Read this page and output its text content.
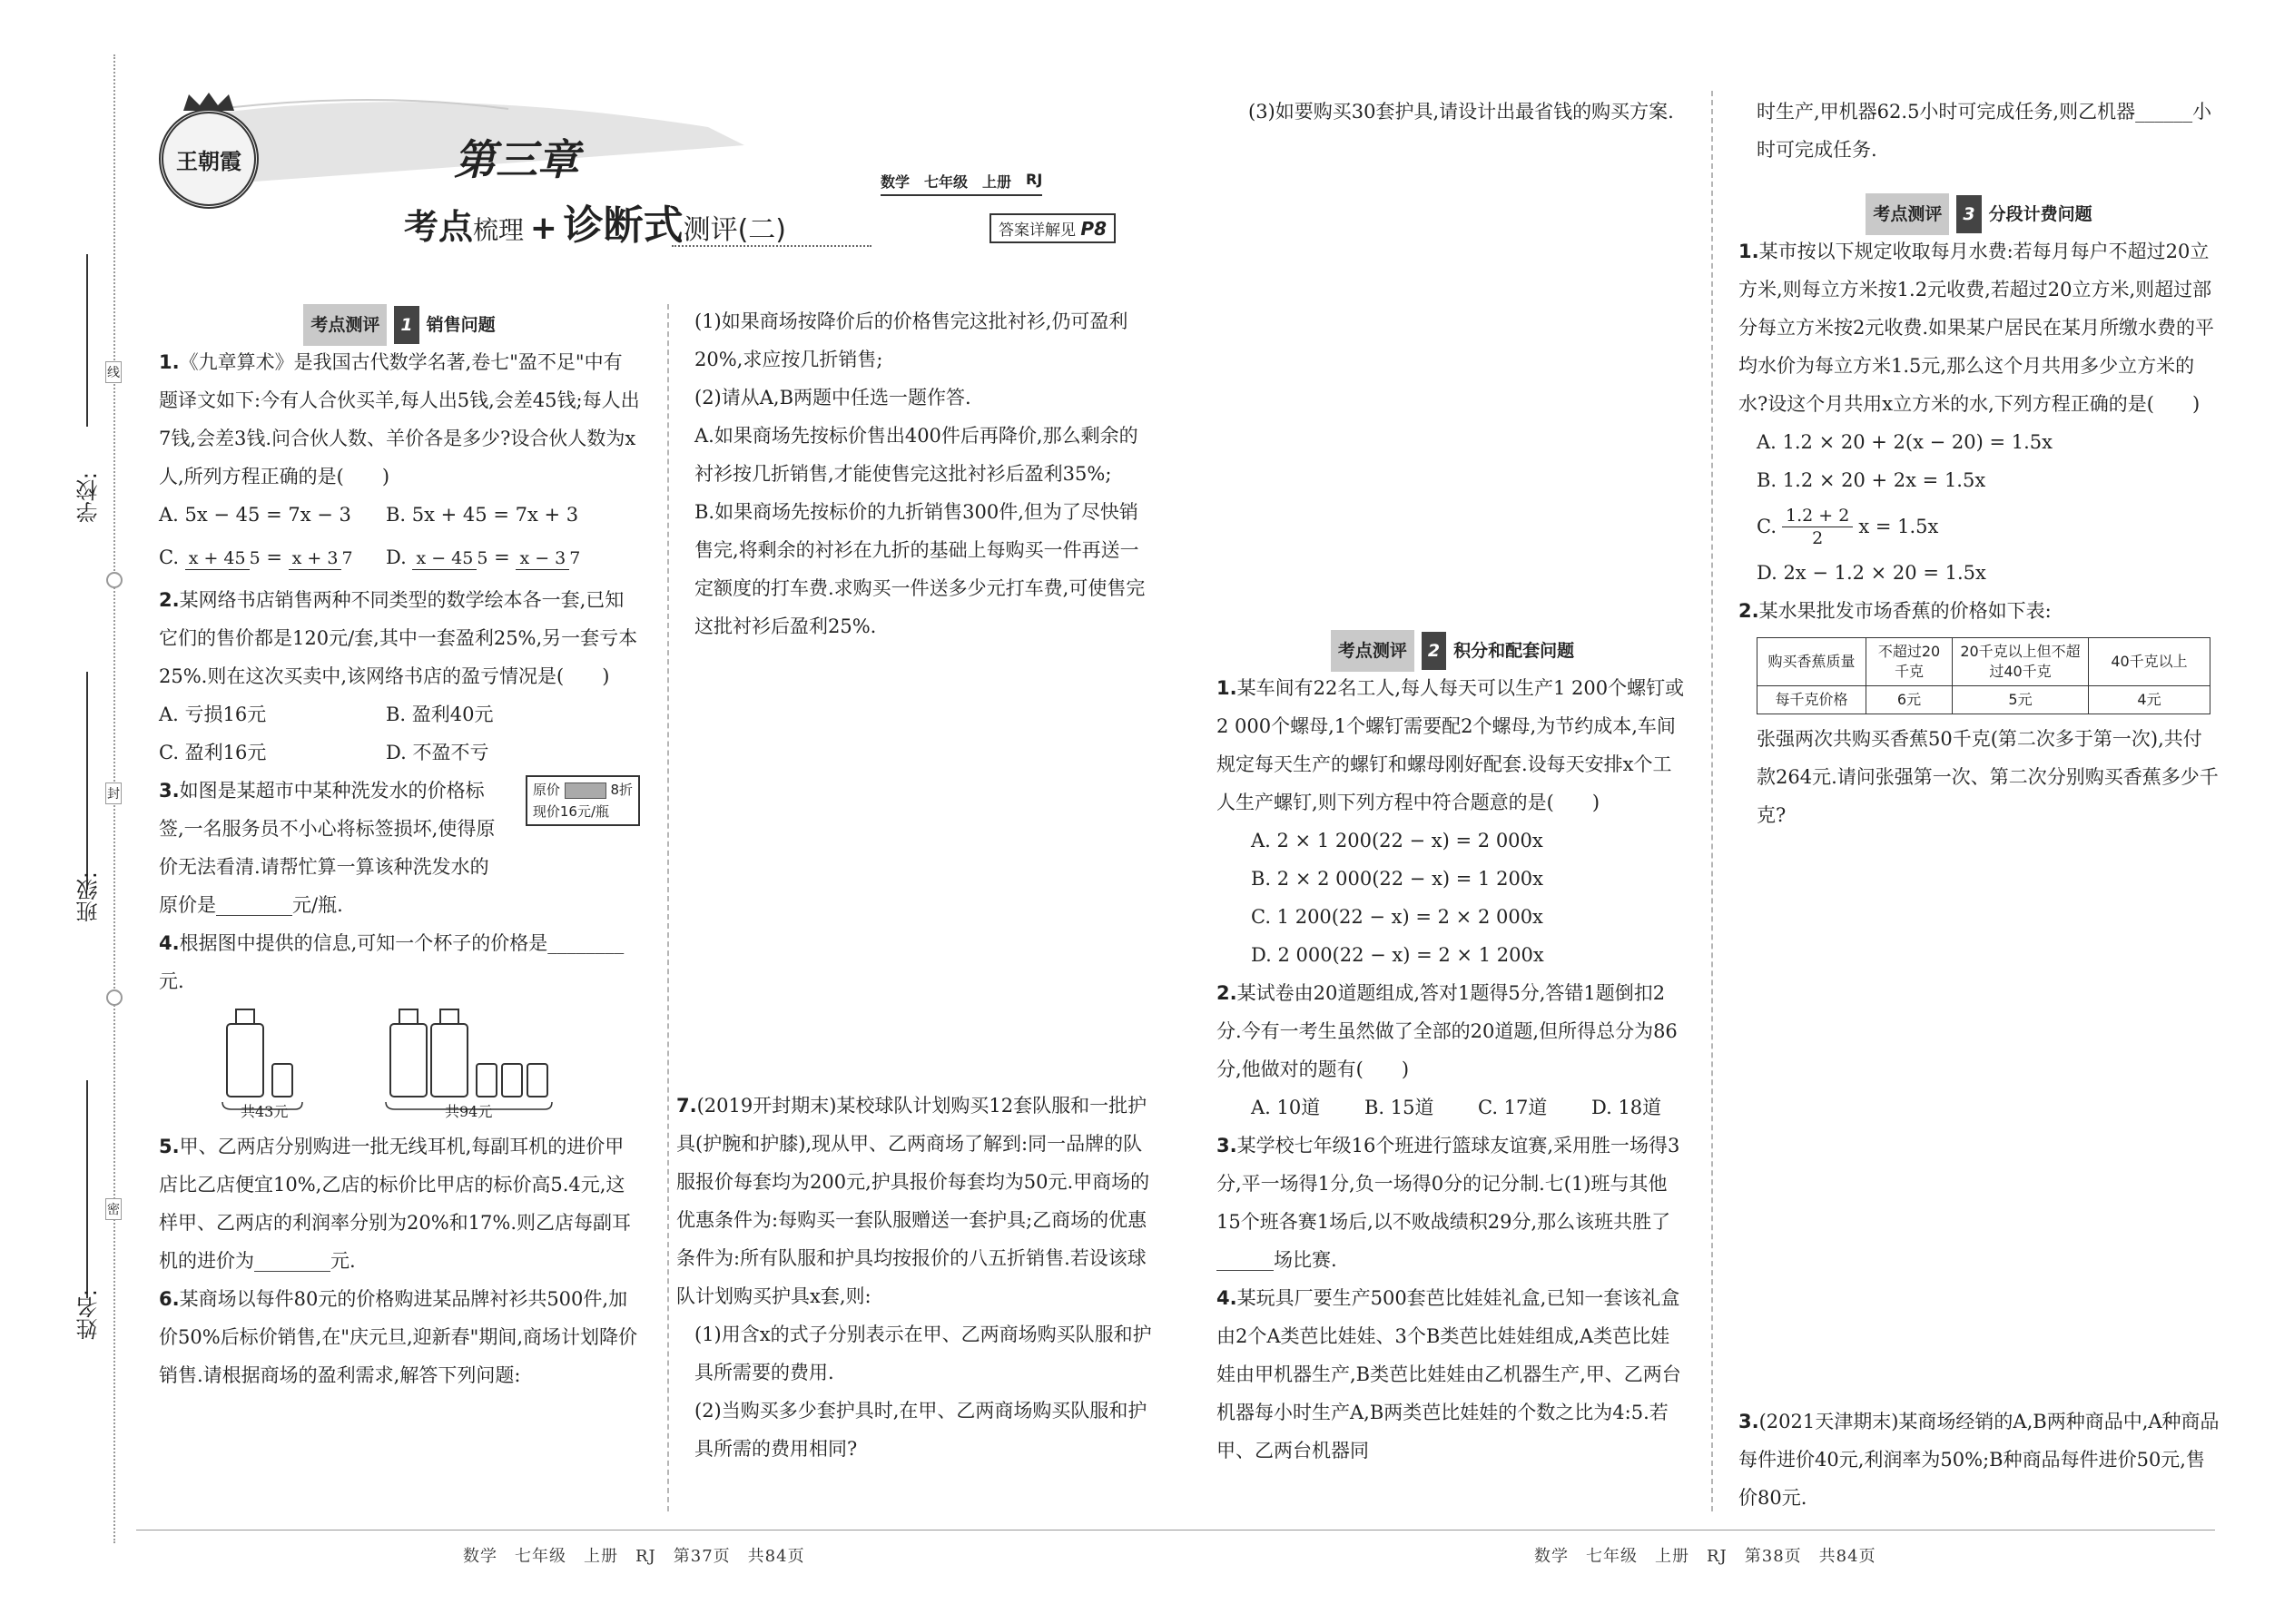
学校:
班级:
姓名:
线
封
密
王朝霞	第三章
考点梳理 + 诊断式测评(二)
数学 七年级 上册 RJ
答案详解见 P8
考点测评	1 销售问题
1.《九章算术》是我国古代数学名著,卷七"盈不足"中有题译文如下:今有人合伙买羊,每人出5钱,会差45钱;每人出7钱,会差3钱.问合伙人数、羊价各是多少?设合伙人数为x人,所列方程正确的是(　　)
A. 5x − 45 = 7x − 3	B. 5x + 45 = 7x + 3
C. x + 45 5 = x + 3 7	D. x − 45 5 = x − 3 7
2.某网络书店销售两种不同类型的数学绘本各一套,已知它们的售价都是120元/套,其中一套盈利25%,另一套亏本25%.则在这次买卖中,该网络书店的盈亏情况是(　　)
A. 亏损16元	B. 盈利40元
C. 盈利16元	D. 不盈不亏
原价	8折
现价16元/瓶
3.如图是某超市中某种洗发水的价格标签,一名服务员不小心将标签损坏,使得原价无法看清.请帮忙算一算该种洗发水的原价是________元/瓶.
4.根据图中提供的信息,可知一个杯子的价格是________元.
共43元	共94元
5.甲、乙两店分别购进一批无线耳机,每副耳机的进价甲店比乙店便宜10%,乙店的标价比甲店的标价高5.4元,这样甲、乙两店的利润率分别为20%和17%.则乙店每副耳机的进价为________元.
6.某商场以每件80元的价格购进某品牌衬衫共500件,加价50%后标价销售,在"庆元旦,迎新春"期间,商场计划降价销售.请根据商场的盈利需求,解答下列问题:

(1)如果商场按降价后的价格售完这批衬衫,仍可盈利20%,求应按几折销售;

(2)请从A,B两题中任选一题作答.

A.如果商场先按标价售出400件后再降价,那么剩余的衬衫按几折销售,才能使售完这批衬衫后盈利35%;

B.如果商场先按标价的九折销售300件,但为了尽快销售完,将剩余的衬衫在九折的基础上每购买一件再送一定额度的打车费.求购买一件送多少元打车费,可使售完这批衬衫后盈利25%.

7.(2019开封期末)某校球队计划购买12套队服和一批护具(护腕和护膝),现从甲、乙两商场了解到:同一品牌的队服报价每套均为200元,护具报价每套均为50元.甲商场的优惠条件为:每购买一套队服赠送一套护具;乙商场的优惠条件为:所有队服和护具均按报价的八五折销售.若设该球队计划购买护具x套,则:

(1)用含x的式子分别表示在甲、乙两商场购买队服和护具所需要的费用.

(2)当购买多少套护具时,在甲、乙两商场购买队服和护具所需的费用相同?

(3)如要购买30套护具,请设计出最省钱的购买方案.

考点测评	2 积分和配套问题
1.某车间有22名工人,每人每天可以生产1 200个螺钉或2 000个螺母,1个螺钉需要配2个螺母,为节约成本,车间规定每天生产的螺钉和螺母刚好配套.设每天安排x个工人生产螺钉,则下列方程中符合题意的是(　　)

A. 2 × 1 200(22 − x) = 2 000x

B. 2 × 2 000(22 − x) = 1 200x

C. 1 200(22 − x) = 2 × 2 000x

D. 2 000(22 − x) = 2 × 1 200x

2.某试卷由20道题组成,答对1题得5分,答错1题倒扣2分.今有一考生虽然做了全部的20道题,但所得总分为86分,他做对的题有(　　)
A. 10道	B. 15道	C. 17道	D. 18道
3.某学校七年级16个班进行篮球友谊赛,采用胜一场得3分,平一场得1分,负一场得0分的记分制.七(1)班与其他15个班各赛1场后,以不败战绩积29分,那么该班共胜了______场比赛.
4.某玩具厂要生产500套芭比娃娃礼盒,已知一套该礼盒由2个A类芭比娃娃、3个B类芭比娃娃组成,A类芭比娃娃由甲机器生产,B类芭比娃娃由乙机器生产,甲、乙两台机器每小时生产A,B两类芭比娃娃的个数之比为4:5.若甲、乙两台机器同

时生产,甲机器62.5小时可完成任务,则乙机器______小时可完成任务.

考点测评	3 分段计费问题
1.某市按以下规定收取每月水费:若每月每户不超过20立方米,则每立方米按1.2元收费,若超过20立方米,则超过部分每立方米按2元收费.如果某户居民在某月所缴水费的平均水价为每立方米1.5元,那么这个月共用多少立方米的水?设这个月共用x立方米的水,下列方程正确的是(　　)

A. 1.2 × 20 + 2(x − 20) = 1.5x

B. 1.2 × 20 + 2x = 1.5x

C. $\frac{1.2 + 2}{2}$ x = 1.5x

D. 2x − 1.2 × 20 = 1.5x

2.某水果批发市场香蕉的价格如下表:
购买香蕉质量	不超过20千克	20千克以上但不超过40千克	40千克以上
每千克价格	6元	5元	4元

张强两次共购买香蕉50千克(第二次多于第一次),共付款264元.请问张强第一次、第二次分别购买香蕉多少千克?

3.(2021天津期末)某商场经销的A,B两种商品中,A种商品每件进价40元,利润率为50%;B种商品每件进价50元,售价80元.
数学　七年级　上册　RJ　第37页　共84页	数学　七年级　上册　RJ　第38页　共84页
